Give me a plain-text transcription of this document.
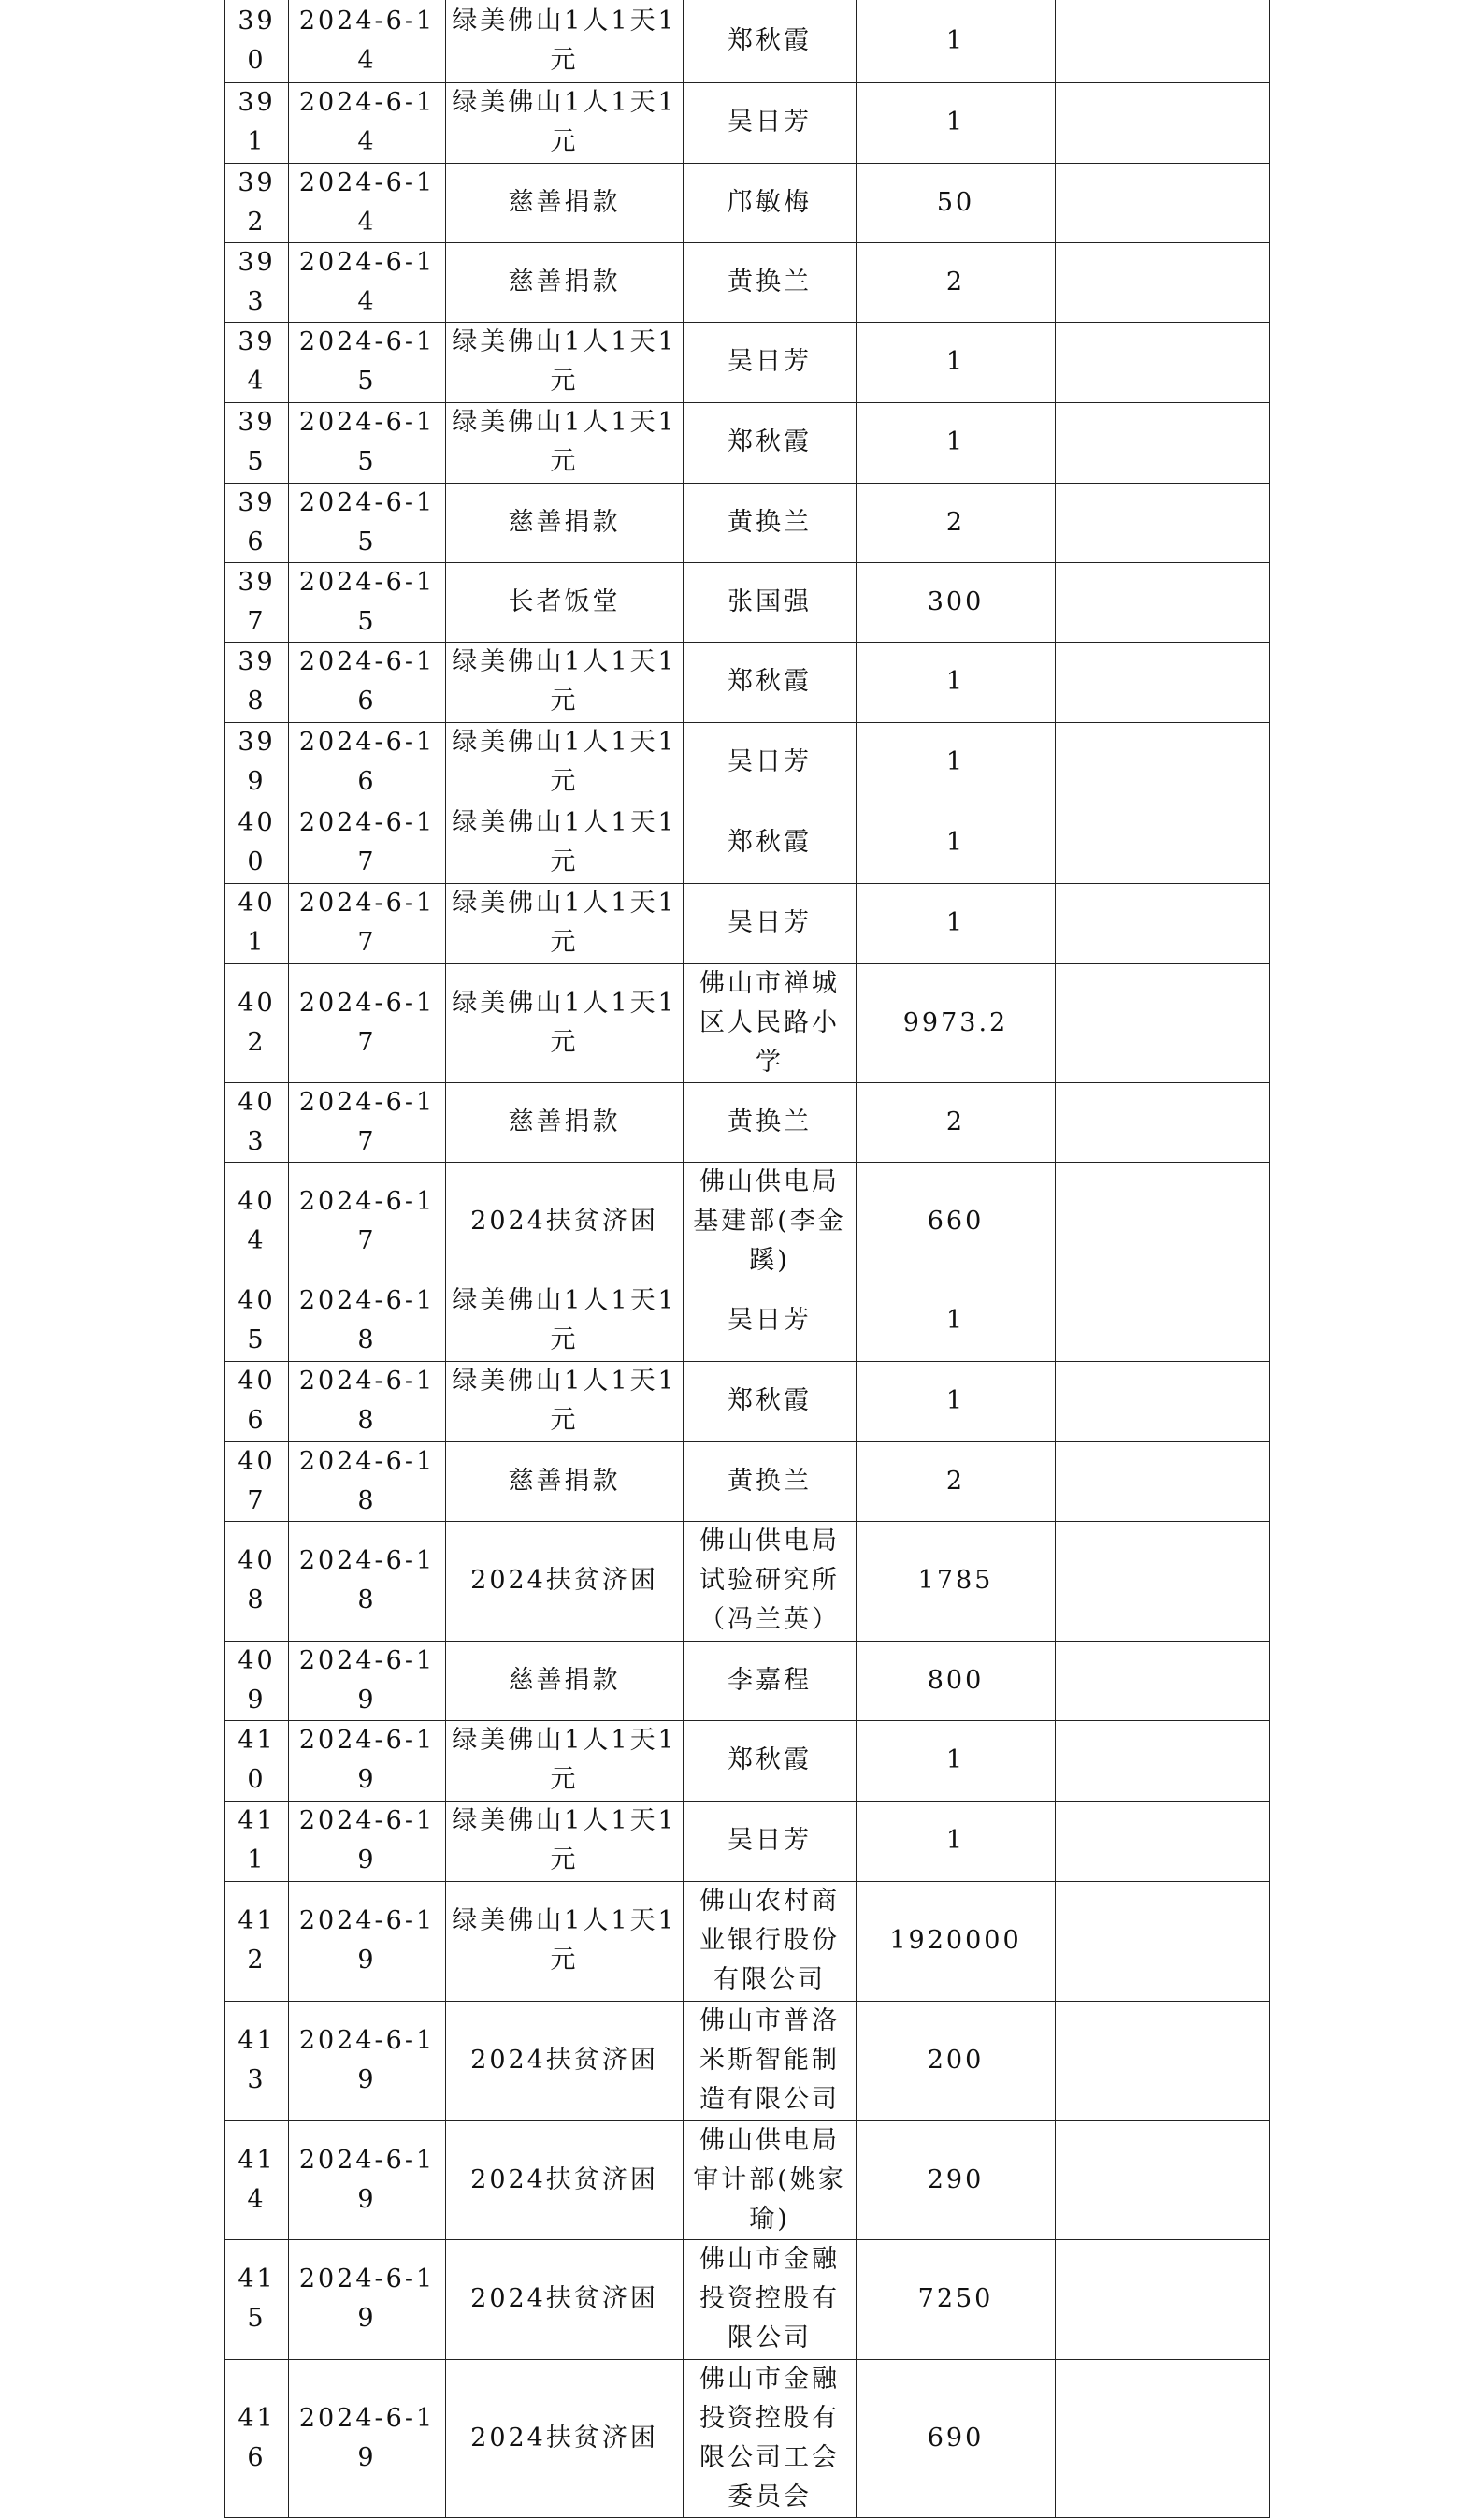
390	2024-6-14	绿美佛山1人1天1元	郑秋霞	1	
391	2024-6-14	绿美佛山1人1天1元	吴日芳	1	
392	2024-6-14	慈善捐款	邝敏梅	50	
393	2024-6-14	慈善捐款	黄换兰	2	
394	2024-6-15	绿美佛山1人1天1元	吴日芳	1	
395	2024-6-15	绿美佛山1人1天1元	郑秋霞	1	
396	2024-6-15	慈善捐款	黄换兰	2	
397	2024-6-15	长者饭堂	张国强	300	
398	2024-6-16	绿美佛山1人1天1元	郑秋霞	1	
399	2024-6-16	绿美佛山1人1天1元	吴日芳	1	
400	2024-6-17	绿美佛山1人1天1元	郑秋霞	1	
401	2024-6-17	绿美佛山1人1天1元	吴日芳	1	
402	2024-6-17	绿美佛山1人1天1元	佛山市禅城区人民路小学	9973.2	
403	2024-6-17	慈善捐款	黄换兰	2	
404	2024-6-17	2024扶贫济困	佛山供电局基建部(李金蹊)	660	
405	2024-6-18	绿美佛山1人1天1元	吴日芳	1	
406	2024-6-18	绿美佛山1人1天1元	郑秋霞	1	
407	2024-6-18	慈善捐款	黄换兰	2	
408	2024-6-18	2024扶贫济困	佛山供电局试验研究所（冯兰英）	1785	
409	2024-6-19	慈善捐款	李嘉程	800	
410	2024-6-19	绿美佛山1人1天1元	郑秋霞	1	
411	2024-6-19	绿美佛山1人1天1元	吴日芳	1	
412	2024-6-19	绿美佛山1人1天1元	佛山农村商业银行股份有限公司	1920000	
413	2024-6-19	2024扶贫济困	佛山市普洛米斯智能制造有限公司	200	
414	2024-6-19	2024扶贫济困	佛山供电局审计部(姚家瑜)	290	
415	2024-6-19	2024扶贫济困	佛山市金融投资控股有限公司	7250	
416	2024-6-19	2024扶贫济困	佛山市金融投资控股有限公司工会委员会	690	
